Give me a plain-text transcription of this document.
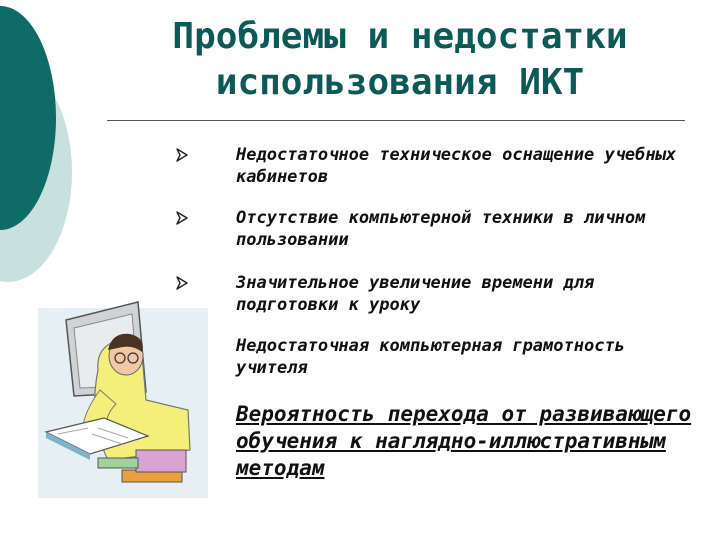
Проблемы и недостатки
использования ИКТ
Недостаточное техническое оснащение учебных кабинетов
Отсутствие компьютерной техники в личном пользовании
Значительное увеличение времени для подготовки к уроку
Недостаточная компьютерная грамотность учителя
Вероятность перехода от развивающего обучения к наглядно-иллюстративным методам
